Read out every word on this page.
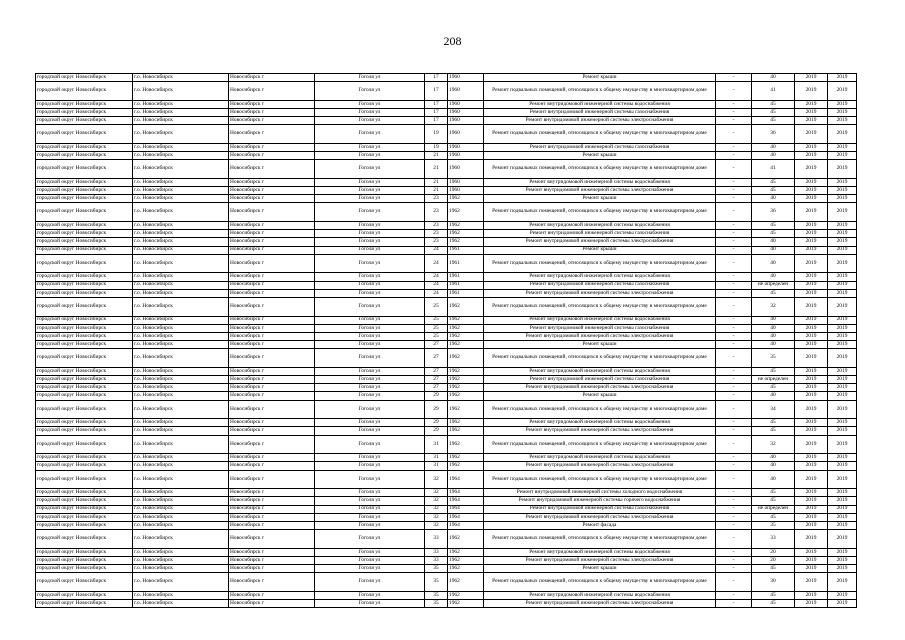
208
городской округ Новосибирск	г.о. Новосибирск	Новосибирск г	Гоголя ул	17	1960	Ремонт крыши	-	40	2019	2019
городской округ Новосибирск	г.о. Новосибирск	Новосибирск г	Гоголя ул	17	1960	Ремонт подвальных помещений, относящихся к общему имуществу в многоквартирном доме	-	41	2019	2019
городской округ Новосибирск	г.о. Новосибирск	Новосибирск г	Гоголя ул	17	1960	Ремонт внутридомовой инженерной системы водоснабжения	-	45	2019	2019
городской округ Новосибирск	г.о. Новосибирск	Новосибирск г	Гоголя ул	17	1960	Ремонт внутридомовой инженерной системы газоснабжения	-	45	2019	2019
городской округ Новосибирск	г.о. Новосибирск	Новосибирск г	Гоголя ул	17	1960	Ремонт внутридомовой инженерной системы электроснабжения	-	45	2019	2019
городской округ Новосибирск	г.о. Новосибирск	Новосибирск г	Гоголя ул	19	1960	Ремонт подвальных помещений, относящихся к общему имуществу в многоквартирном доме	-	36	2019	2019
городской округ Новосибирск	г.о. Новосибирск	Новосибирск г	Гоголя ул	19	1960	Ремонт внутридомовой инженерной системы газоснабжения	-	40	2019	2019
городской округ Новосибирск	г.о. Новосибирск	Новосибирск г	Гоголя ул	21	1960	Ремонт крыши	-	40	2019	2019
городской округ Новосибирск	г.о. Новосибирск	Новосибирск г	Гоголя ул	21	1960	Ремонт подвальных помещений, относящихся к общему имуществу в многоквартирном доме	-	41	2019	2019
городской округ Новосибирск	г.о. Новосибирск	Новосибирск г	Гоголя ул	21	1960	Ремонт внутридомовой инженерной системы водоснабжения	-	45	2019	2019
городской округ Новосибирск	г.о. Новосибирск	Новосибирск г	Гоголя ул	21	1960	Ремонт внутридомовой инженерной системы электроснабжения	-	45	2019	2019
городской округ Новосибирск	г.о. Новосибирск	Новосибирск г	Гоголя ул	23	1962	Ремонт крыши	-	40	2019	2019
городской округ Новосибирск	г.о. Новосибирск	Новосибирск г	Гоголя ул	23	1962	Ремонт подвальных помещений, относящихся к общему имуществу в многоквартирном доме	-	36	2019	2019
городской округ Новосибирск	г.о. Новосибирск	Новосибирск г	Гоголя ул	23	1962	Ремонт внутридомовой инженерной системы водоснабжения	-	45	2019	2019
городской округ Новосибирск	г.о. Новосибирск	Новосибирск г	Гоголя ул	23	1962	Ремонт внутридомовой инженерной системы газоснабжения	-	45	2019	2019
городской округ Новосибирск	г.о. Новосибирск	Новосибирск г	Гоголя ул	23	1962	Ремонт внутридомовой инженерной системы электроснабжения	-	40	2019	2019
городской округ Новосибирск	г.о. Новосибирск	Новосибирск г	Гоголя ул	24	1961	Ремонт крыши	-	40	2019	2019
городской округ Новосибирск	г.о. Новосибирск	Новосибирск г	Гоголя ул	24	1961	Ремонт подвальных помещений, относящихся к общему имуществу в многоквартирном доме	-	40	2019	2019
городской округ Новосибирск	г.о. Новосибирск	Новосибирск г	Гоголя ул	24	1961	Ремонт внутридомовой инженерной системы водоснабжения	-	40	2019	2019
городской округ Новосибирск	г.о. Новосибирск	Новосибирск г	Гоголя ул	24	1961	Ремонт внутридомовой инженерной системы газоснабжения	-	не определен	2019	2019
городской округ Новосибирск	г.о. Новосибирск	Новосибирск г	Гоголя ул	24	1961	Ремонт внутридомовой инженерной системы электроснабжения	-	45	2019	2019
городской округ Новосибирск	г.о. Новосибирск	Новосибирск г	Гоголя ул	25	1962	Ремонт подвальных помещений, относящихся к общему имуществу в многоквартирном доме	-	32	2019	2019
городской округ Новосибирск	г.о. Новосибирск	Новосибирск г	Гоголя ул	25	1962	Ремонт внутридомовой инженерной системы водоснабжения	-	40	2019	2019
городской округ Новосибирск	г.о. Новосибирск	Новосибирск г	Гоголя ул	25	1962	Ремонт внутридомовой инженерной системы газоснабжения	-	40	2019	2019
городской округ Новосибирск	г.о. Новосибирск	Новосибирск г	Гоголя ул	25	1962	Ремонт внутридомовой инженерной системы электроснабжения	-	40	2019	2019
городской округ Новосибирск	г.о. Новосибирск	Новосибирск г	Гоголя ул	27	1962	Ремонт крыши	-	40	2019	2019
городской округ Новосибирск	г.о. Новосибирск	Новосибирск г	Гоголя ул	27	1962	Ремонт подвальных помещений, относящихся к общему имуществу в многоквартирном доме	-	35	2019	2019
городской округ Новосибирск	г.о. Новосибирск	Новосибирск г	Гоголя ул	27	1962	Ремонт внутридомовой инженерной системы водоснабжения	-	45	2019	2019
городской округ Новосибирск	г.о. Новосибирск	Новосибирск г	Гоголя ул	27	1962	Ремонт внутридомовой инженерной системы газоснабжения	-	не определен	2019	2019
городской округ Новосибирск	г.о. Новосибирск	Новосибирск г	Гоголя ул	27	1962	Ремонт внутридомовой инженерной системы электроснабжения	-	45	2019	2019
городской округ Новосибирск	г.о. Новосибирск	Новосибирск г	Гоголя ул	29	1962	Ремонт крыши	-	40	2019	2019
городской округ Новосибирск	г.о. Новосибирск	Новосибирск г	Гоголя ул	29	1962	Ремонт подвальных помещений, относящихся к общему имуществу в многоквартирном доме	-	34	2019	2019
городской округ Новосибирск	г.о. Новосибирск	Новосибирск г	Гоголя ул	29	1962	Ремонт внутридомовой инженерной системы водоснабжения	-	45	2019	2019
городской округ Новосибирск	г.о. Новосибирск	Новосибирск г	Гоголя ул	29	1962	Ремонт внутридомовой инженерной системы электроснабжения	-	45	2019	2019
городской округ Новосибирск	г.о. Новосибирск	Новосибирск г	Гоголя ул	31	1962	Ремонт подвальных помещений, относящихся к общему имуществу в многоквартирном доме	-	32	2019	2019
городской округ Новосибирск	г.о. Новосибирск	Новосибирск г	Гоголя ул	31	1962	Ремонт внутридомовой инженерной системы водоснабжения	-	40	2019	2019
городской округ Новосибирск	г.о. Новосибирск	Новосибирск г	Гоголя ул	31	1962	Ремонт внутридомовой инженерной системы электроснабжения	-	40	2019	2019
городской округ Новосибирск	г.о. Новосибирск	Новосибирск г	Гоголя ул	32	1964	Ремонт подвальных помещений, относящихся к общему имуществу в многоквартирном доме	-	40	2019	2019
городской округ Новосибирск	г.о. Новосибирск	Новосибирск г	Гоголя ул	32	1964	Ремонт внутридомовой инженерной системы холодного водоснабжения	-	45	2019	2019
городской округ Новосибирск	г.о. Новосибирск	Новосибирск г	Гоголя ул	32	1964	Ремонт внутридомовой инженерной системы горячего водоснабжения	-	45	2019	2019
городской округ Новосибирск	г.о. Новосибирск	Новосибирск г	Гоголя ул	32	1964	Ремонт внутридомовой инженерной системы газоснабжения	-	не определен	2019	2019
городской округ Новосибирск	г.о. Новосибирск	Новосибирск г	Гоголя ул	32	1964	Ремонт внутридомовой инженерной системы электроснабжения	-	45	2019	2019
городской округ Новосибирск	г.о. Новосибирск	Новосибирск г	Гоголя ул	32	1964	Ремонт фасада	-	35	2019	2019
городской округ Новосибирск	г.о. Новосибирск	Новосибирск г	Гоголя ул	33	1962	Ремонт подвальных помещений, относящихся к общему имуществу в многоквартирном доме	-	33	2019	2019
городской округ Новосибирск	г.о. Новосибирск	Новосибирск г	Гоголя ул	33	1962	Ремонт внутридомовой инженерной системы водоснабжения	-	20	2019	2019
городской округ Новосибирск	г.о. Новосибирск	Новосибирск г	Гоголя ул	33	1962	Ремонт внутридомовой инженерной системы электроснабжения	-	20	2019	2019
городской округ Новосибирск	г.о. Новосибирск	Новосибирск г	Гоголя ул	35	1962	Ремонт крыши	-	45	2019	2019
городской округ Новосибирск	г.о. Новосибирск	Новосибирск г	Гоголя ул	35	1962	Ремонт подвальных помещений, относящихся к общему имуществу в многоквартирном доме	-	30	2019	2019
городской округ Новосибирск	г.о. Новосибирск	Новосибирск г	Гоголя ул	35	1962	Ремонт внутридомовой инженерной системы водоснабжения	-	45	2019	2019
городской округ Новосибирск	г.о. Новосибирск	Новосибирск г	Гоголя ул	35	1962	Ремонт внутридомовой инженерной системы электроснабжения	-	45	2019	2019
